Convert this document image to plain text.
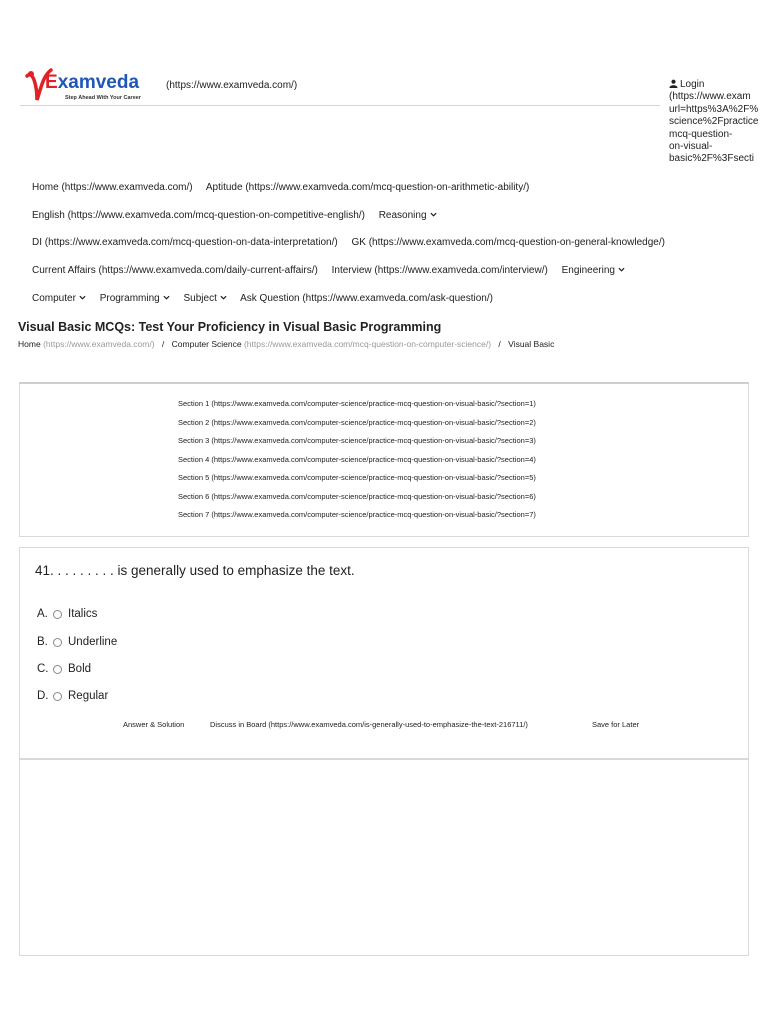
Examveda
Step Ahead With Your Career
(https://www.examveda.com/)	Login
(https://www.exam
url=https%3A%2F%
science%2Fpractice
mcq-question-
on-visual-
basic%2F%3Fsecti
Home (https://www.examveda.com/) Aptitude (https://www.examveda.com/mcq-question-on-arithmetic-ability/)
English (https://www.examveda.com/mcq-question-on-competitive-english/) Reasoning
DI (https://www.examveda.com/mcq-question-on-data-interpretation/) GK (https://www.examveda.com/mcq-question-on-general-knowledge/)
Current Affairs (https://www.examveda.com/daily-current-affairs/) Interview (https://www.examveda.com/interview/) Engineering
Computer Programming Subject Ask Question (https://www.examveda.com/ask-question/)
Visual Basic MCQs: Test Your Proficiency in Visual Basic Programming
Home (https://www.examveda.com/) / Computer Science (https://www.examveda.com/mcq-question-on-computer-science/) / Visual Basic
Section 1 (https://www.examveda.com/computer-science/practice-mcq-question-on-visual-basic/?section=1)
Section 2 (https://www.examveda.com/computer-science/practice-mcq-question-on-visual-basic/?section=2)
Section 3 (https://www.examveda.com/computer-science/practice-mcq-question-on-visual-basic/?section=3)
Section 4 (https://www.examveda.com/computer-science/practice-mcq-question-on-visual-basic/?section=4)
Section 5 (https://www.examveda.com/computer-science/practice-mcq-question-on-visual-basic/?section=5)
Section 6 (https://www.examveda.com/computer-science/practice-mcq-question-on-visual-basic/?section=6)
Section 7 (https://www.examveda.com/computer-science/practice-mcq-question-on-visual-basic/?section=7)
41. . . . . . . . . is generally used to emphasize the text.
A. Italics
B. Underline
C. Bold
D. Regular
Answer & Solution	Discuss in Board (https://www.examveda.com/is-generally-used-to-emphasize-the-text-216711/)	Save for Later
